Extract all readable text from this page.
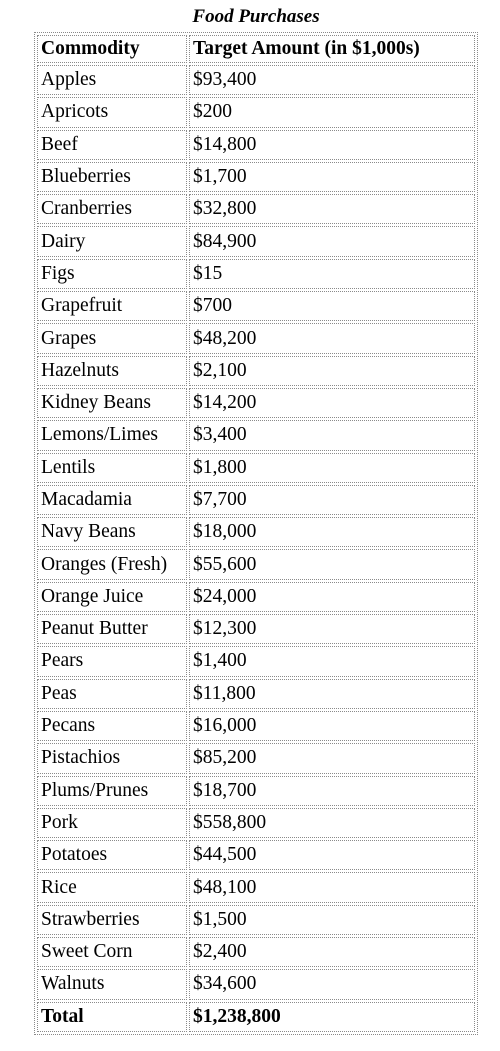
Food Purchases
Commodity	Target Amount (in $1,000s)
Apples	$93,400
Apricots	$200
Beef	$14,800
Blueberries	$1,700
Cranberries	$32,800
Dairy	$84,900
Figs	$15
Grapefruit	$700
Grapes	$48,200
Hazelnuts	$2,100
Kidney Beans	$14,200
Lemons/Limes	$3,400
Lentils	$1,800
Macadamia	$7,700
Navy Beans	$18,000
Oranges (Fresh)	$55,600
Orange Juice	$24,000
Peanut Butter	$12,300
Pears	$1,400
Peas	$11,800
Pecans	$16,000
Pistachios	$85,200
Plums/Prunes	$18,700
Pork	$558,800
Potatoes	$44,500
Rice	$48,100
Strawberries	$1,500
Sweet Corn	$2,400
Walnuts	$34,600
Total	$1,238,800
